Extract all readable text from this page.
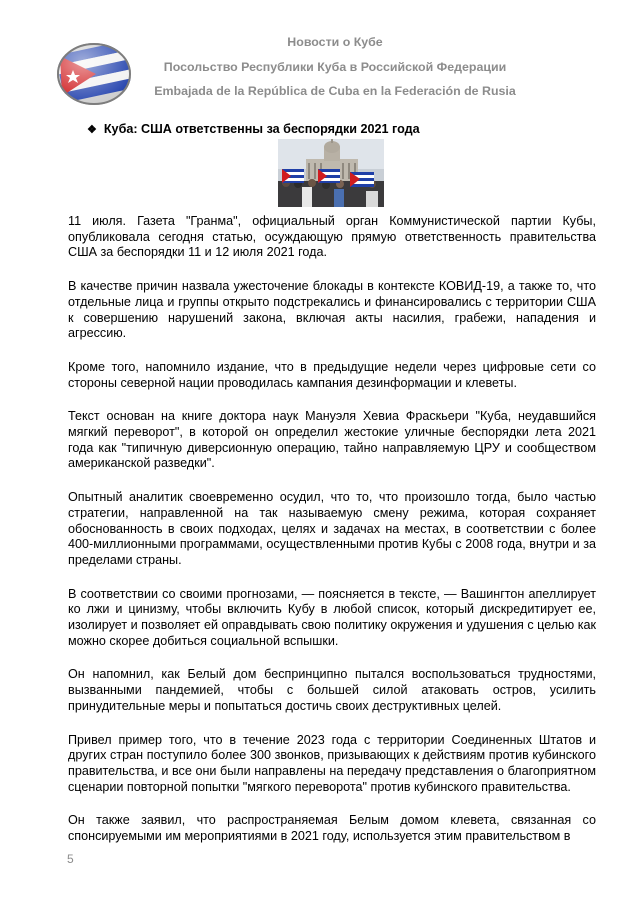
Новости о Кубе
Посольство Республики Куба в Российской Федерации
Embajada de la República de Cuba en la Federación de Rusia
❖ Куба: США ответственны за беспорядки 2021 года

11 июля. Газета "Гранма", официальный орган Коммунистической партии Кубы, опубликовала сегодня статью, осуждающую прямую ответственность правительства США за беспорядки 11 и 12 июля 2021 года.

В качестве причин назвала ужесточение блокады в контексте КОВИД-19, а также то, что отдельные лица и группы открыто подстрекались и финансировались с территории США к совершению нарушений закона, включая акты насилия, грабежи, нападения и агрессию.

Кроме того, напомнило издание, что в предыдущие недели через цифровые сети со стороны северной нации проводилась кампания дезинформации и клеветы.

Текст основан на книге доктора наук Мануэля Хевиа Фраскьери "Куба, неудавшийся мягкий переворот", в которой он определил жестокие уличные беспорядки лета 2021 года как "типичную диверсионную операцию, тайно направляемую ЦРУ и сообществом американской разведки".

Опытный аналитик своевременно осудил, что то, что произошло тогда, было частью стратегии, направленной на так называемую смену режима, которая сохраняет обоснованность в своих подходах, целях и задачах на местах, в соответствии с более 400-миллионными программами, осуществленными против Кубы с 2008 года, внутри и за пределами страны.

В соответствии со своими прогнозами, — поясняется в тексте, — Вашингтон апеллирует ко лжи и цинизму, чтобы включить Кубу в любой список, который дискредитирует ее, изолирует и позволяет ей оправдывать свою политику окружения и удушения с целью как можно скорее добиться социальной вспышки.

Он напомнил, как Белый дом беспринципно пытался воспользоваться трудностями, вызванными пандемией, чтобы с большей силой атаковать остров, усилить принудительные меры и попытаться достичь своих деструктивных целей.

Привел пример того, что в течение 2023 года с территории Соединенных Штатов и других стран поступило более 300 звонков, призывающих к действиям против кубинского правительства, и все они были направлены на передачу представления о благоприятном сценарии повторной попытки "мягкого переворота" против кубинского правительства.

Он также заявил, что распространяемая Белым домом клевета, связанная со спонсируемыми им мероприятиями в 2021 году, используется этим правительством в

5
